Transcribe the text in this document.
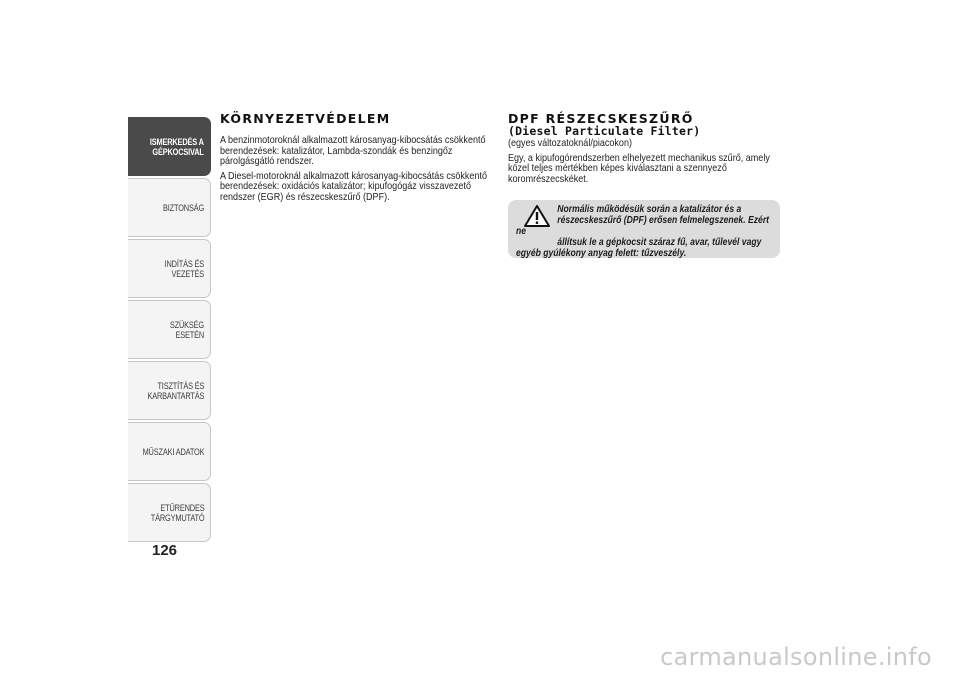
ISMERKEDÉS A
GÉPKOCSIVAL
BIZTONSÁG
INDÍTÁS ÉS VEZETÉS
SZÜKSÉG ESETÉN
TISZTÍTÁS ÉS
KARBANTARTÁS
MŰSZAKI ADATOK
ETŰRENDES
TÁRGYMUTATÓ
126
KÖRNYEZETVÉDELEM

A benzinmotoroknál alkalmazott károsanyag-kibocsátás csökkentő berendezések: katalizátor, Lambda-szondák és benzingőz párolgásgátló rendszer.

A Diesel-motoroknál alkalmazott károsanyag-kibocsátás csökkentő berendezések: oxidációs katalizátor; kipufogógáz visszavezető rendszer (EGR) és részecskeszűrő (DPF).

DPF RÉSZECSKESZŰRŐ
(Diesel Particulate Filter)

(egyes változatoknál/piacokon)

Egy, a kipufogórendszerben elhelyezett mechanikus szűrő, amely közel teljes mértékben képes kiválasztani a szennyező koromrészecskéket.

Normális működésük során a katalizátor és a
részecskeszűrő (DPF) erősen felmelegszenek. Ezért ne
állítsuk le a gépkocsit száraz fű, avar, tűlevél vagy
egyéb gyúlékony anyag felett: tűzveszély.

carmanualsonline.info
